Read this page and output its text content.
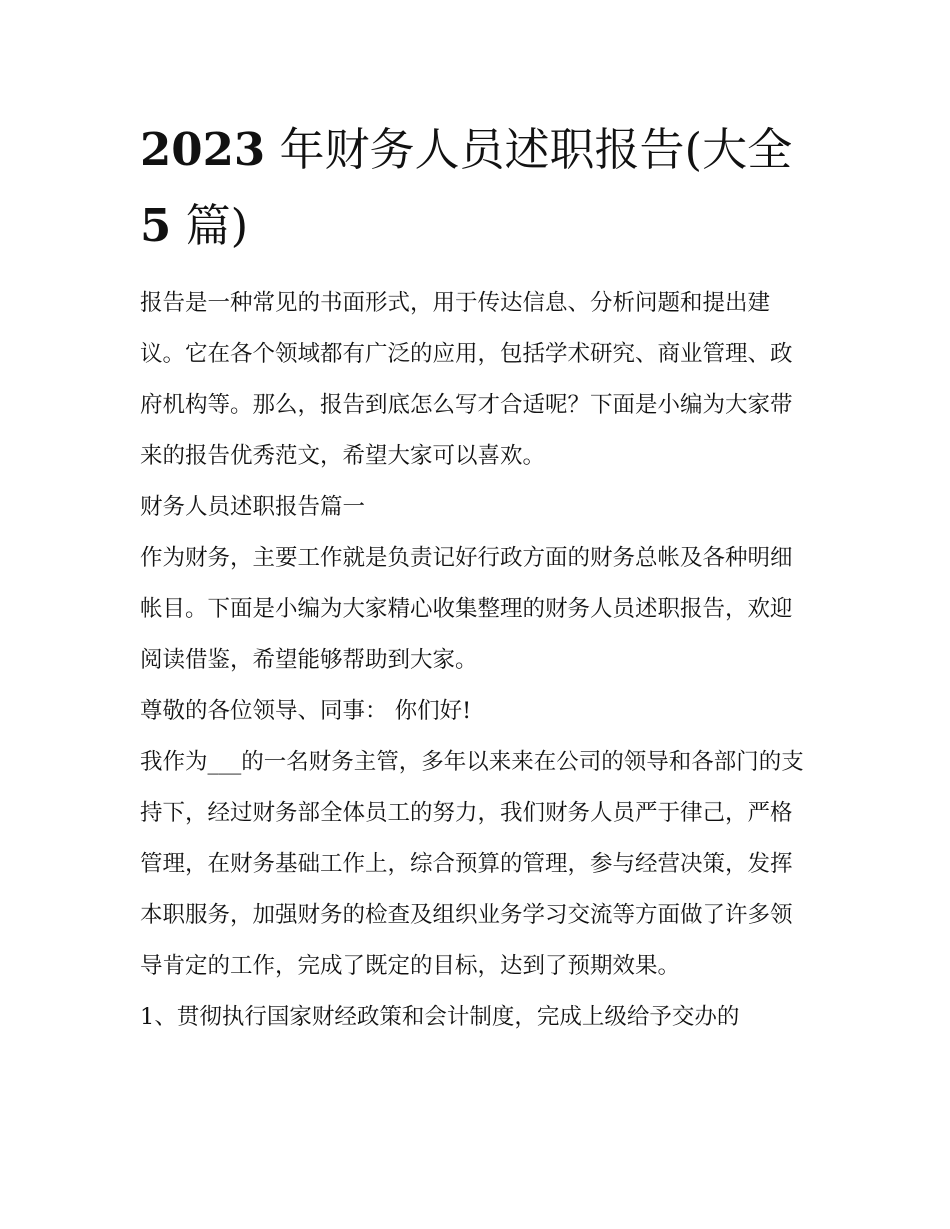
2023 年财务人员述职报告(大全 5 篇)

报告是一种常见的书面形式，用于传达信息、分析问题和提出建议。它在各个领域都有广泛的应用，包括学术研究、商业管理、政府机构等。那么，报告到底怎么写才合适呢？下面是小编为大家带来的报告优秀范文，希望大家可以喜欢。

财务人员述职报告篇一

作为财务，主要工作就是负责记好行政方面的财务总帐及各种明细帐目。下面是小编为大家精心收集整理的财务人员述职报告，欢迎阅读借鉴，希望能够帮助到大家。

尊敬的各位领导、同事： 你们好!

我作为___的一名财务主管，多年以来来在公司的领导和各部门的支持下，经过财务部全体员工的努力，我们财务人员严于律己，严格管理，在财务基础工作上，综合预算的管理，参与经营决策，发挥本职服务，加强财务的检查及组织业务学习交流等方面做了许多领导肯定的工作，完成了既定的目标，达到了预期效果。

1、贯彻执行国家财经政策和会计制度，完成上级给予交办的
